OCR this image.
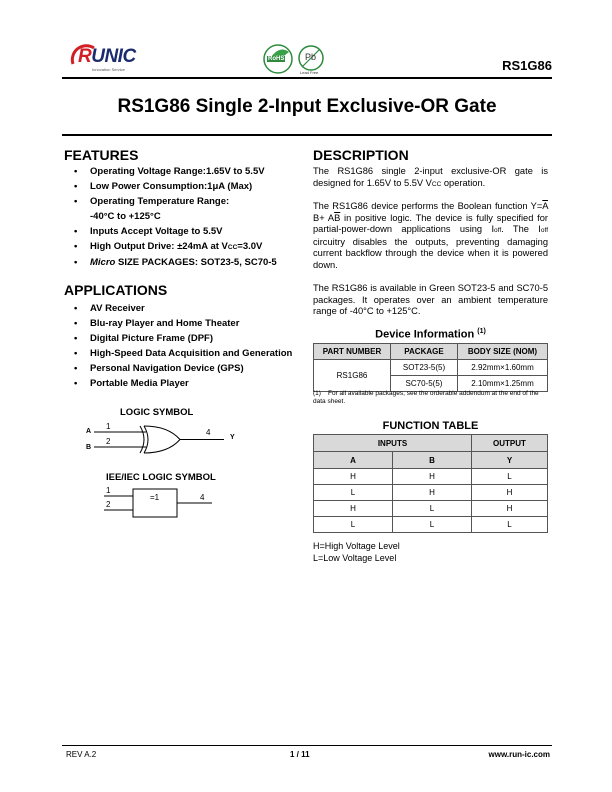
RUNIC
Innovation Service
RoHS Pb
Lead Free	RS1G86
RS1G86 Single 2-Input Exclusive-OR Gate
FEATURES
• Operating Voltage Range:1.65V to 5.5V
• Low Power Consumption:1μA (Max)
• Operating Temperature Range:
-40°C to +125°C
• Inputs Accept Voltage to 5.5V
• High Output Drive: ±24mA at VCC=3.0V
• Micro SIZE PACKAGES: SOT23-5, SC70-5
APPLICATIONS
• AV Receiver
• Blu-ray Player and Home Theater
• Digital Picture Frame (DPF)
• High-Speed Data Acquisition and Generation
• Personal Navigation Device (GPS)
• Portable Media Player
LOGIC SYMBOL
1
2
4
A
B
Y
IEE/IEC LOGIC SYMBOL
1
2
=1	4
DESCRIPTION
The RS1G86 single 2-input exclusive-OR gate is designed for 1.65V to 5.5V VCC operation.
The RS1G86 device performs the Boolean function $Y=\overline{A}$ $B+ A\overline{B}$ in positive logic. The device is fully specified for partial-power-down applications using Ioff. The Ioff circuitry disables the outputs, preventing damaging current backflow through the device when it is powered down.
The RS1G86 is available in Green SOT23-5 and SC70-5 packages. It operates over an ambient temperature range of -40°C to +125°C.
Device Information $^{(1)}$
PART NUMBER	PACKAGE	BODY SIZE (NOM)
RS1G86	SOT23-5(5)	2.92mm×1.60mm
	SC70-5(5)	2.10mm×1.25mm
(1) For all available packages, see the orderable addendum at the end of the data sheet.
FUNCTION TABLE
INPUTS		OUTPUT
A	B	Y
H	H	L
L	H	H
H	L	H
L	L	L
H=High Voltage Level
L=Low Voltage Level
REV A.2	1 / 11	www.run-ic.com
